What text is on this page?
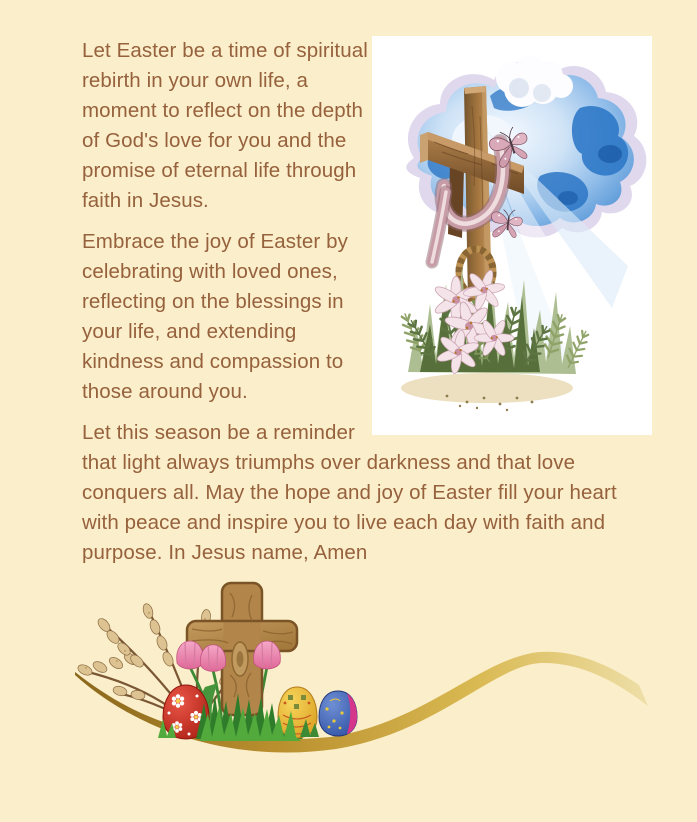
Let Easter be a time of spiritual rebirth in your own life, a moment to reflect on the depth of God's love for you and the promise of eternal life through faith in Jesus.

Embrace the joy of Easter by celebrating with loved ones, reflecting on the blessings in your life, and extending kindness and compassion to those around you.

Let this season be a reminder that light always triumphs over darkness and that love conquers all. May the hope and joy of Easter fill your heart with peace and inspire you to live each day with faith and purpose. In Jesus name, Amen
